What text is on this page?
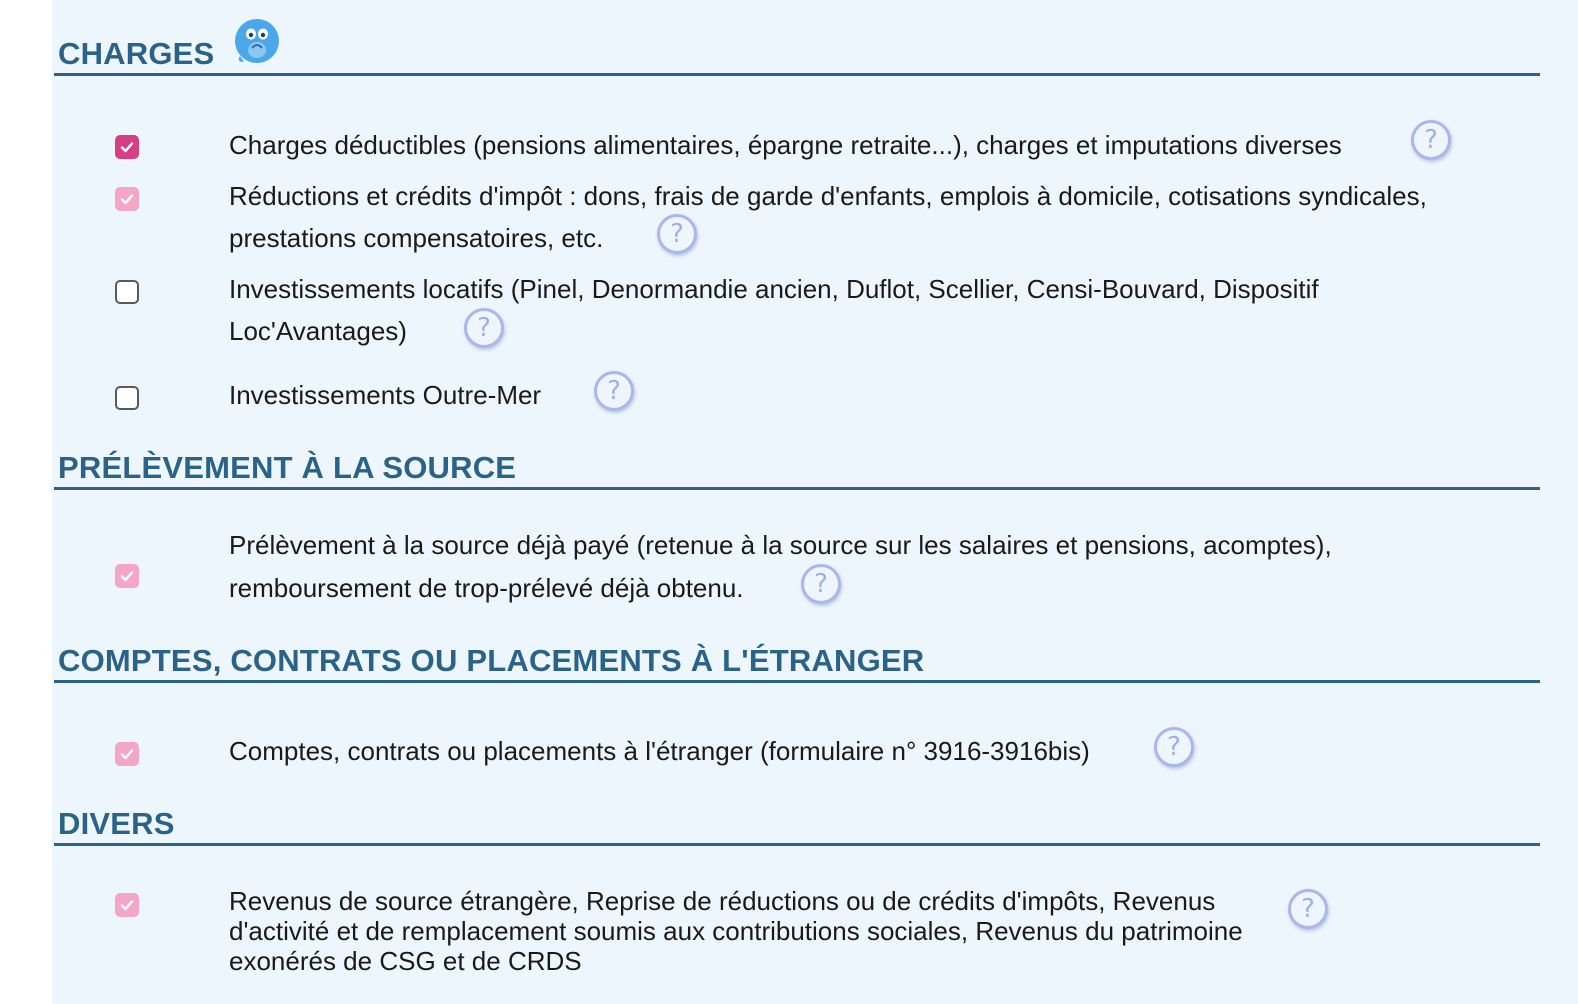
CHARGES
Charges déductibles (pensions alimentaires, épargne retraite...), charges et imputations diverses	?
Réductions et crédits d'impôt : dons, frais de garde d'enfants, emplois à domicile, cotisations syndicales,
prestations compensatoires, etc.	?
Investissements locatifs (Pinel, Denormandie ancien, Duflot, Scellier, Censi-Bouvard, Dispositif
Loc'Avantages)	?
Investissements Outre-Mer	?
PRÉLÈVEMENT À LA SOURCE
Prélèvement à la source déjà payé (retenue à la source sur les salaires et pensions, acomptes),
remboursement de trop-prélevé déjà obtenu.	?
COMPTES, CONTRATS OU PLACEMENTS À L'ÉTRANGER
Comptes, contrats ou placements à l'étranger (formulaire n° 3916-3916bis)	?
DIVERS
Revenus de source étrangère, Reprise de réductions ou de crédits d'impôts, Revenus
d'activité et de remplacement soumis aux contributions sociales, Revenus du patrimoine
exonérés de CSG et de CRDS
?
